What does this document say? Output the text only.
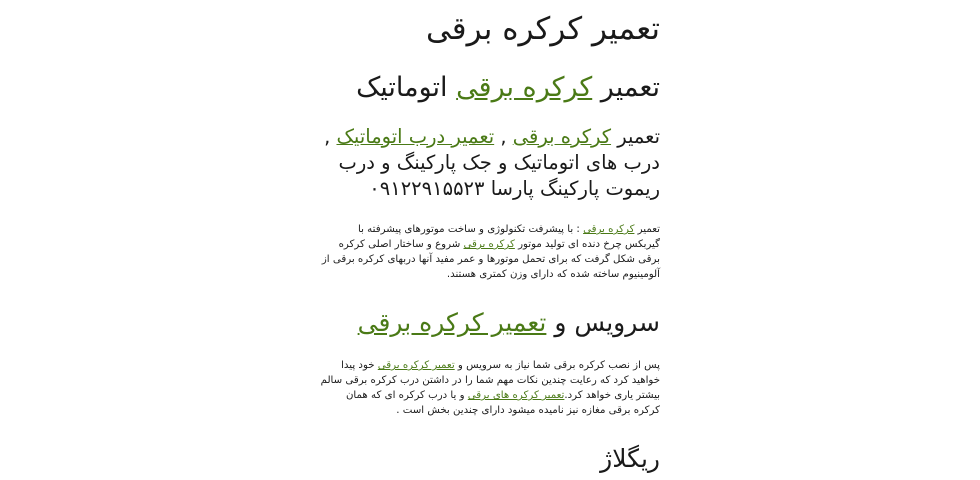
تعمیر کرکره برقی
تعمیر کرکره برقی اتوماتیک
تعمیر کرکره برقی , تعمیر درب اتوماتیک , درب های اتوماتیک و جک پارکینگ و درب ریموت پارکینگ پارسا ۰۹۱۲۲۹۱۵۵۲۳

تعمیر کرکره برقی : با پیشرفت تکنولوژی و ساخت موتورهای پیشرفته با گیربکس چرخ دنده ای تولید موتور کرکره برقی شروع و ساختار اصلی کرکره برقی شکل گرفت که برای تحمل موتورها و عمر مفید آنها دربهای کرکره برقی از آلومینیوم ساخته شده که دارای وزن کمتری هستند.

سرویس و تعمیر کرکره برقی

پس از نصب کرکره برقی شما نیاز به سرویس و تعمیر کرکره برقی خود پیدا خواهید کرد که رعایت چندین نکات مهم شما را در داشتن درب کرکره برقی سالم بیشتر یاری خواهد کرد.تعمیر کرکره های برقی و یا درب کرکره ای که همان کرکره برقی مغازه نیز نامیده میشود دارای چندین بخش است .

ریگلاژ
